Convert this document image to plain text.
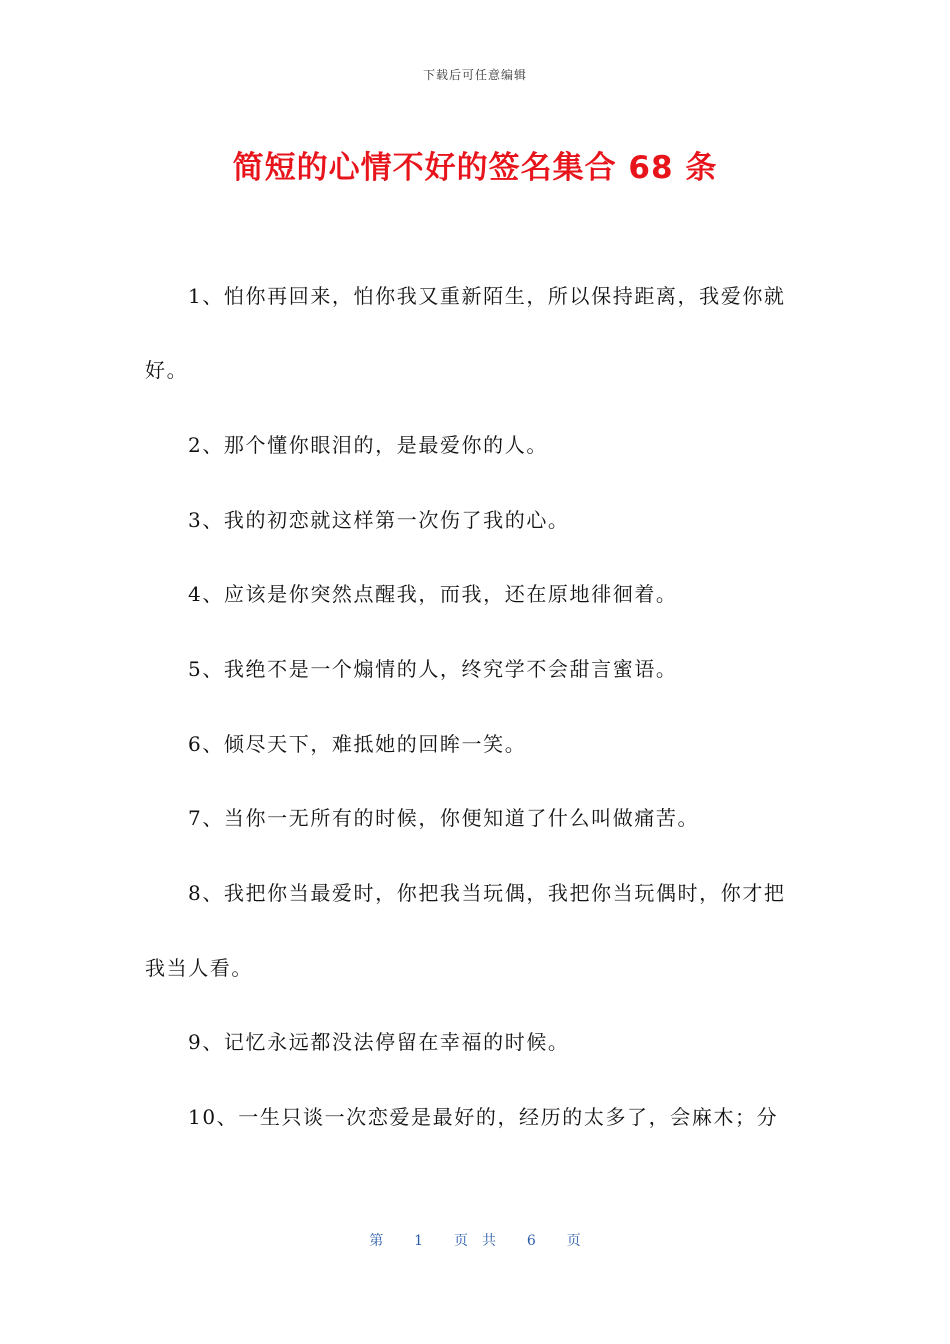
下载后可任意编辑
简短的心情不好的签名集合 68 条
1、怕你再回来，怕你我又重新陌生，所以保持距离，我爱你就
好。
2、那个懂你眼泪的，是最爱你的人。
3、我的初恋就这样第一次伤了我的心。
4、应该是你突然点醒我，而我，还在原地徘徊着。
5、我绝不是一个煽情的人，终究学不会甜言蜜语。
6、倾尽天下，难抵她的回眸一笑。
7、当你一无所有的时候，你便知道了什么叫做痛苦。
8、我把你当最爱时，你把我当玩偶，我把你当玩偶时，你才把
我当人看。
9、记忆永远都没法停留在幸福的时候。
10、一生只谈一次恋爱是最好的，经历的太多了，会麻木；分
第 1 页共 6 页
